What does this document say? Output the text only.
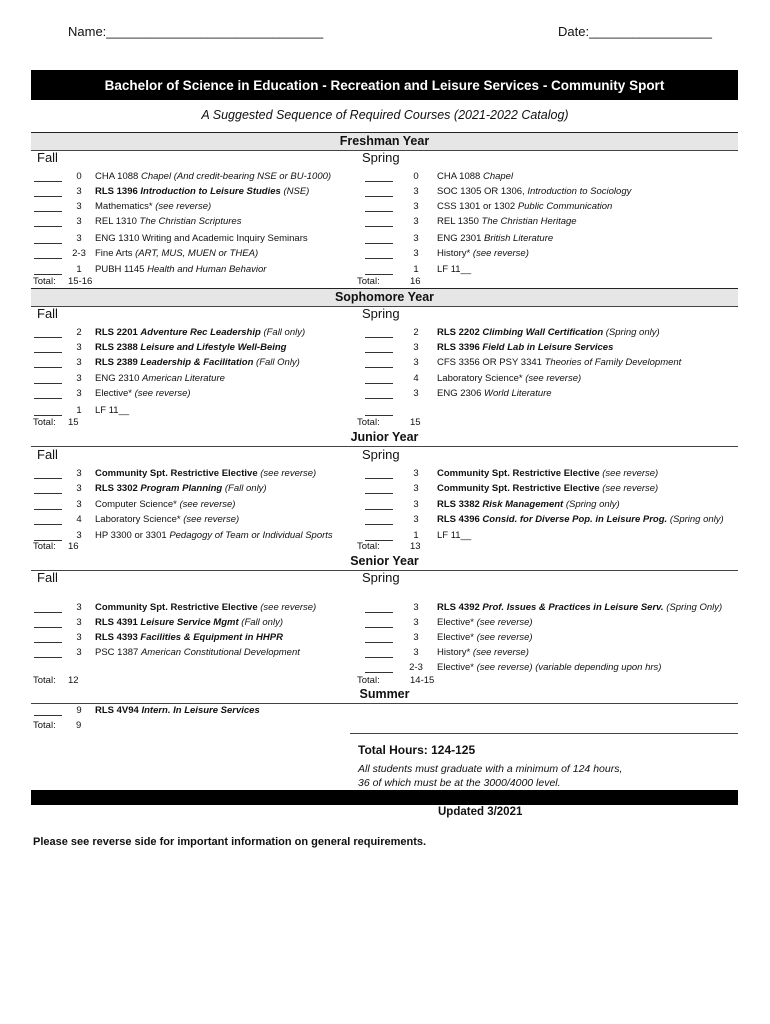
Name:______________________________	Date:_________________
Bachelor of Science in Education - Recreation and Leisure Services - Community Sport
A Suggested Sequence of Required Courses (2021-2022 Catalog)
Freshman Year
Fall	Spring
0	CHA 1088 Chapel (And credit-bearing NSE or BU-1000)
3	RLS 1396 Introduction to Leisure Studies (NSE)
3	Mathematics* (see reverse)
3	REL 1310 The Christian Scriptures
3	ENG 1310 Writing and Academic Inquiry Seminars
2-3 Fine Arts (ART, MUS, MUEN or THEA)
1	PUBH 1145 Health and Human Behavior
0	CHA 1088 Chapel
3	SOC 1305 OR 1306, Introduction to Sociology
3	CSS 1301 or 1302 Public Communication
3	REL 1350 The Christian Heritage
3	ENG 2301 British Literature
3	History* (see reverse)
1	LF 11__
Total: 15-16	Total:	16
Sophomore Year
Fall	Spring
2	RLS 2201 Adventure Rec Leadership (Fall only)
3	RLS 2388 Leisure and Lifestyle Well-Being
3	RLS 2389 Leadership & Facilitation (Fall Only)
3	ENG 2310 American Literature
3	Elective* (see reverse)
1	LF 11__
2	RLS 2202 Climbing Wall Certification (Spring only)
3	RLS 3396 Field Lab in Leisure Services
3	CFS 3356 OR PSY 3341 Theories of Family Development
4	Laboratory Science* (see reverse)
3	ENG 2306 World Literature
Total: 15	Total:	15
Junior Year
Fall	Spring
3	Community Spt. Restrictive Elective (see reverse)
3	RLS 3302 Program Planning (Fall only)
3	Computer Science* (see reverse)
4	Laboratory Science* (see reverse)
3	HP 3300 or 3301 Pedagogy of Team or Individual Sports
3	Community Spt. Restrictive Elective (see reverse)
3	Community Spt. Restrictive Elective (see reverse)
3	RLS 3382 Risk Management (Spring only)
3	RLS 4396 Consid. for Diverse Pop. in Leisure Prog. (Spring only)
1	LF 11__
Total: 16	Total:	13
Senior Year
Fall	Spring
3	Community Spt. Restrictive Elective (see reverse)
3	RLS 4391 Leisure Service Mgmt (Fall only)
3	RLS 4393 Facilities & Equipment in HHPR
3	PSC 1387 American Constitutional Development
3	RLS 4392 Prof. Issues & Practices in Leisure Serv. (Spring Only)
3	Elective* (see reverse)
3	Elective* (see reverse)
3	History* (see reverse)
2-3	Elective* (see reverse) (variable depending upon hrs)
Total: 12	Total:	14-15
Summer
9	RLS 4V94 Intern. In Leisure Services
Total: 9
Total Hours: 124-125
All students must graduate with a minimum of 124 hours,
36 of which must be at the 3000/4000 level.
Updated 3/2021
Please see reverse side for important information on general requirements.
